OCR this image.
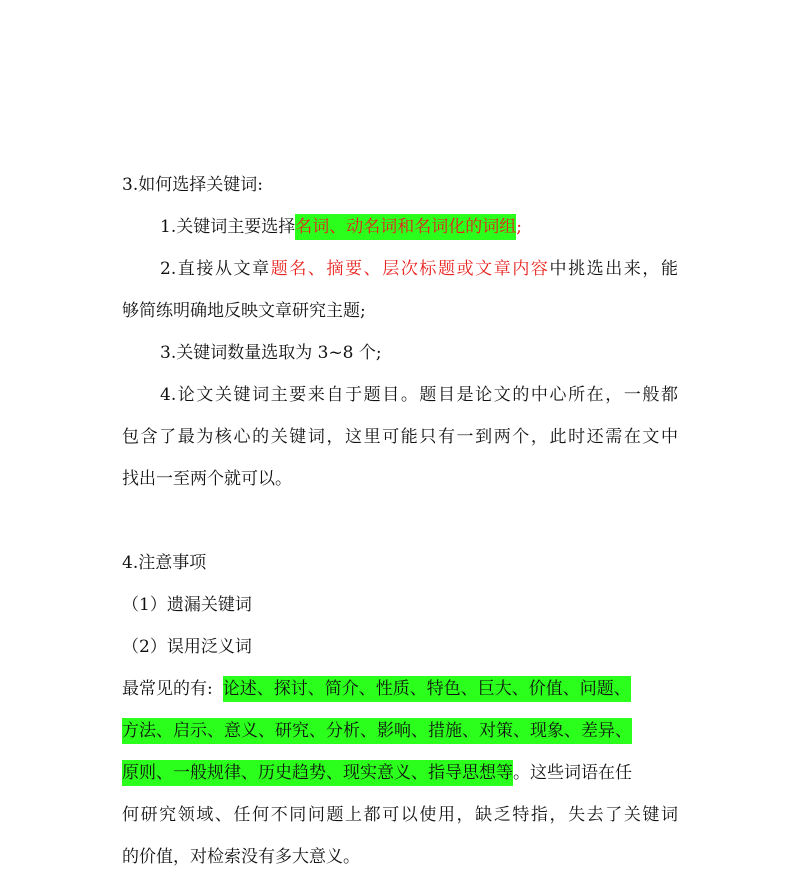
3.如何选择关键词:
1.关键词主要选择名词、动名词和名词化的词组;
2.直接从文章题名、摘要、层次标题或文章内容中挑选出来，能
够简练明确地反映文章研究主题;
3.关键词数量选取为 3~8 个;
4.论文关键词主要来自于题目。题目是论文的中心所在，一般都
包含了最为核心的关键词，这里可能只有一到两个，此时还需在文中
找出一至两个就可以。
4.注意事项
（1）遗漏关键词
（2）误用泛义词
最常见的有: 论述、探讨、简介、性质、特色、巨大、价值、问题、
方法、启示、意义、研究、分析、影响、措施、对策、现象、差异、
原则、一般规律、历史趋势、现实意义、指导思想等。这些词语在任
何研究领域、任何不同问题上都可以使用，缺乏特指，失去了关键词
的价值，对检索没有多大意义。
